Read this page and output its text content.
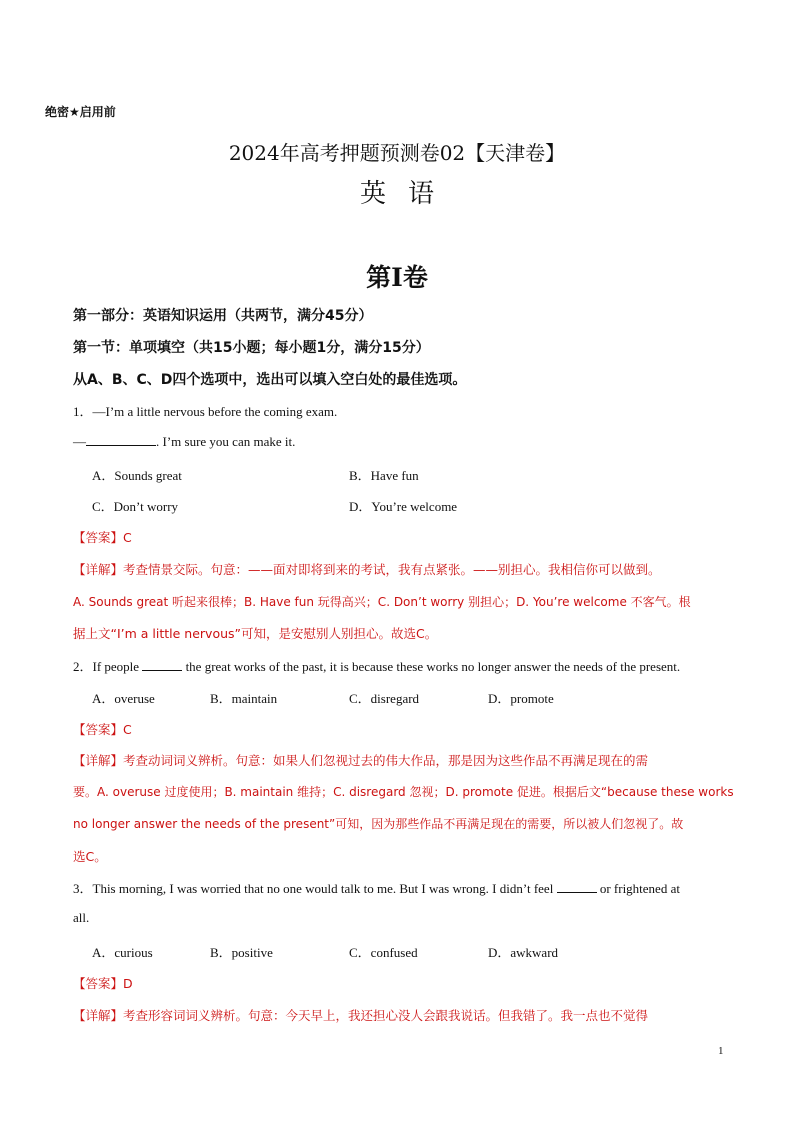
绝密★启用前
2024年高考押题预测卷02【天津卷】
英语
第I卷
第一部分：英语知识运用（共两节，满分45分）
第一节：单项填空（共15小题；每小题1分，满分15分）
从A、B、C、D四个选项中，选出可以填入空白处的最佳选项。
1．—I’m a little nervous before the coming exam.
—	. I’m sure you can make it.
A．Sounds great	B．Have fun
C．Don’t worry	D．You’re welcome
【答案】C
【详解】考查情景交际。句意：——面对即将到来的考试，我有点紧张。——别担心。我相信你可以做到。
A. Sounds great 听起来很棒；B. Have fun 玩得高兴；C. Don’t worry 别担心；D. You’re welcome 不客气。根
据上文“I’m a little nervous”可知，是安慰别人别担心。故选C。
2．If people	the great works of the past, it is because these works no longer answer the needs of the present.
A．overuse	B．maintain	C．disregard	D．promote
【答案】C
【详解】考查动词词义辨析。句意：如果人们忽视过去的伟大作品，那是因为这些作品不再满足现在的需
要。A. overuse 过度使用；B. maintain 维持；C. disregard 忽视；D. promote 促进。根据后文“because these works
no longer answer the needs of the present”可知，因为那些作品不再满足现在的需要，所以被人们忽视了。故
选C。
3．This morning, I was worried that no one would talk to me. But I was wrong. I didn’t feel	or frightened at
all.
A．curious	B．positive	C．confused	D．awkward
【答案】D
【详解】考查形容词词义辨析。句意：今天早上，我还担心没人会跟我说话。但我错了。我一点也不觉得
1
